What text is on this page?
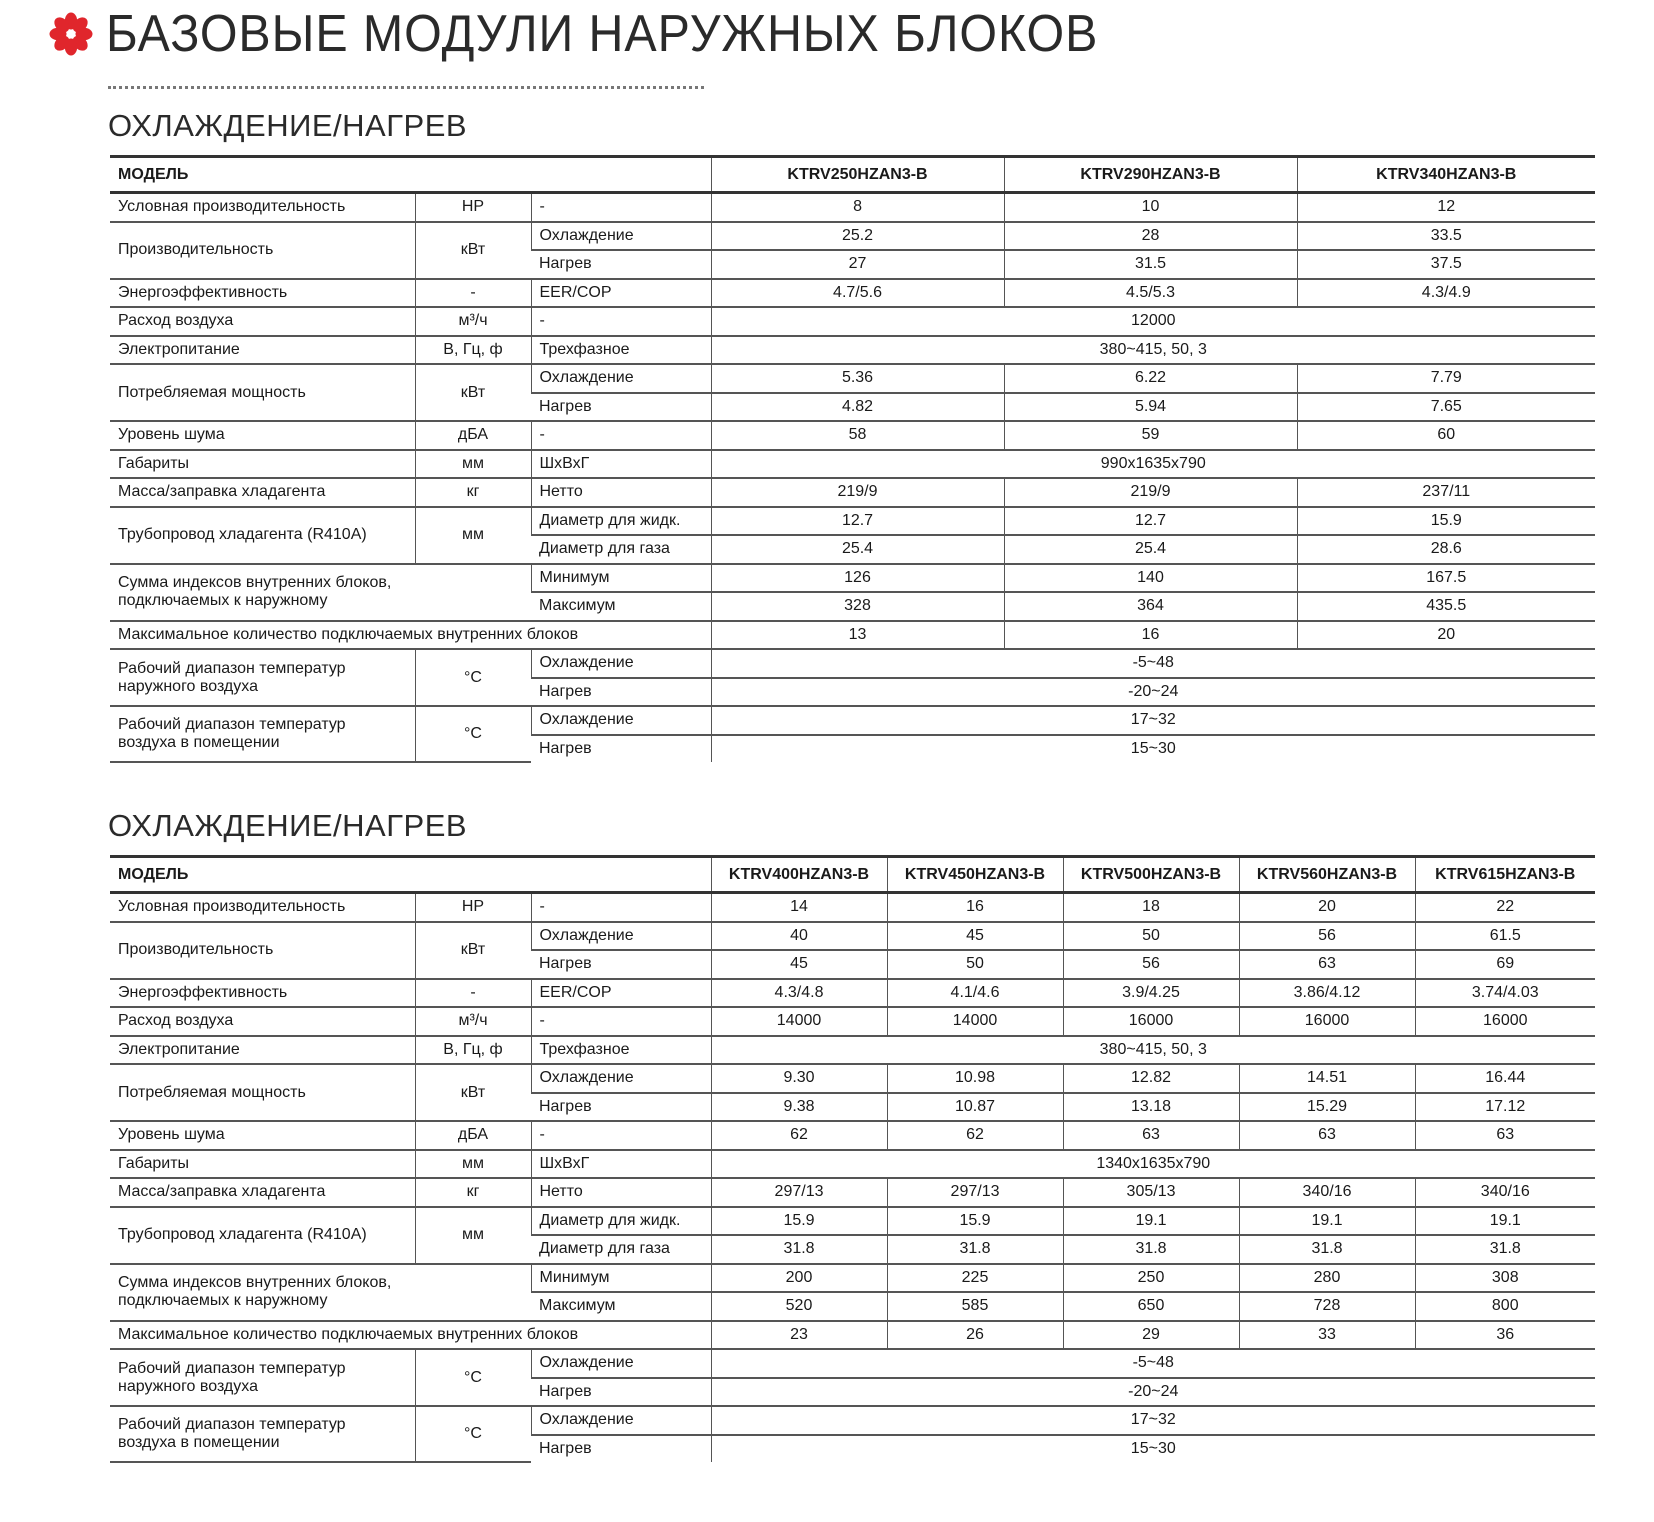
БАЗОВЫЕ МОДУЛИ НАРУЖНЫХ БЛОКОВ
ОХЛАЖДЕНИЕ/НАГРЕВ
МОДЕЛЬ			KTRV250HZAN3-B	KTRV290HZAN3-B	KTRV340HZAN3-B
Условная производительность	HP	-	8	10	12
Производительность	кВт	Охлаждение	25.2	28	33.5
		Нагрев	27	31.5	37.5
Энергоэффективность	-	EER/COP	4.7/5.6	4.5/5.3	4.3/4.9
Расход воздуха	м³/ч	-	12000		
Электропитание	В, Гц, ф	Трехфазное	380~415, 50, 3		
Потребляемая мощность	кВт	Охлаждение	5.36	6.22	7.79
		Нагрев	4.82	5.94	7.65
Уровень шума	дБА	-	58	59	60
Габариты	мм	ШхВхГ	990x1635x790		
Масса/заправка хладагента	кг	Нетто	219/9	219/9	237/11
Трубопровод хладагента (R410A)	мм	Диаметр для жидк.	12.7	12.7	15.9
		Диаметр для газа	25.4	25.4	28.6

Сумма индексов внутренних блоков,
подключаемых к наружному		Минимум	126	140	167.5
		Максимум	328	364	435.5
Максимальное количество подключаемых внутренних блоков			13	16	20

Рабочий диапазон температур
наружного воздуха	°C	Охлаждение	-5~48		
		Нагрев	-20~24		

Рабочий диапазон температур
воздуха в помещении	°C	Охлаждение	17~32		
		Нагрев	15~30		
ОХЛАЖДЕНИЕ/НАГРЕВ
МОДЕЛЬ			KTRV400HZAN3-B	KTRV450HZAN3-B	KTRV500HZAN3-B	KTRV560HZAN3-B	KTRV615HZAN3-B
Условная производительность	HP	-	14	16	18	20	22
Производительность	кВт	Охлаждение	40	45	50	56	61.5
		Нагрев	45	50	56	63	69
Энергоэффективность	-	EER/COP	4.3/4.8	4.1/4.6	3.9/4.25	3.86/4.12	3.74/4.03
Расход воздуха	м³/ч	-	14000	14000	16000	16000	16000
Электропитание	В, Гц, ф	Трехфазное	380~415, 50, 3				
Потребляемая мощность	кВт	Охлаждение	9.30	10.98	12.82	14.51	16.44
		Нагрев	9.38	10.87	13.18	15.29	17.12
Уровень шума	дБА	-	62	62	63	63	63
Габариты	мм	ШхВхГ	1340x1635x790				
Масса/заправка хладагента	кг	Нетто	297/13	297/13	305/13	340/16	340/16
Трубопровод хладагента (R410A)	мм	Диаметр для жидк.	15.9	15.9	19.1	19.1	19.1
		Диаметр для газа	31.8	31.8	31.8	31.8	31.8

Сумма индексов внутренних блоков,
подключаемых к наружному		Минимум	200	225	250	280	308
		Максимум	520	585	650	728	800
Максимальное количество подключаемых внутренних блоков			23	26	29	33	36

Рабочий диапазон температур
наружного воздуха	°C	Охлаждение	-5~48				
		Нагрев	-20~24				

Рабочий диапазон температур
воздуха в помещении	°C	Охлаждение	17~32				
		Нагрев	15~30				
